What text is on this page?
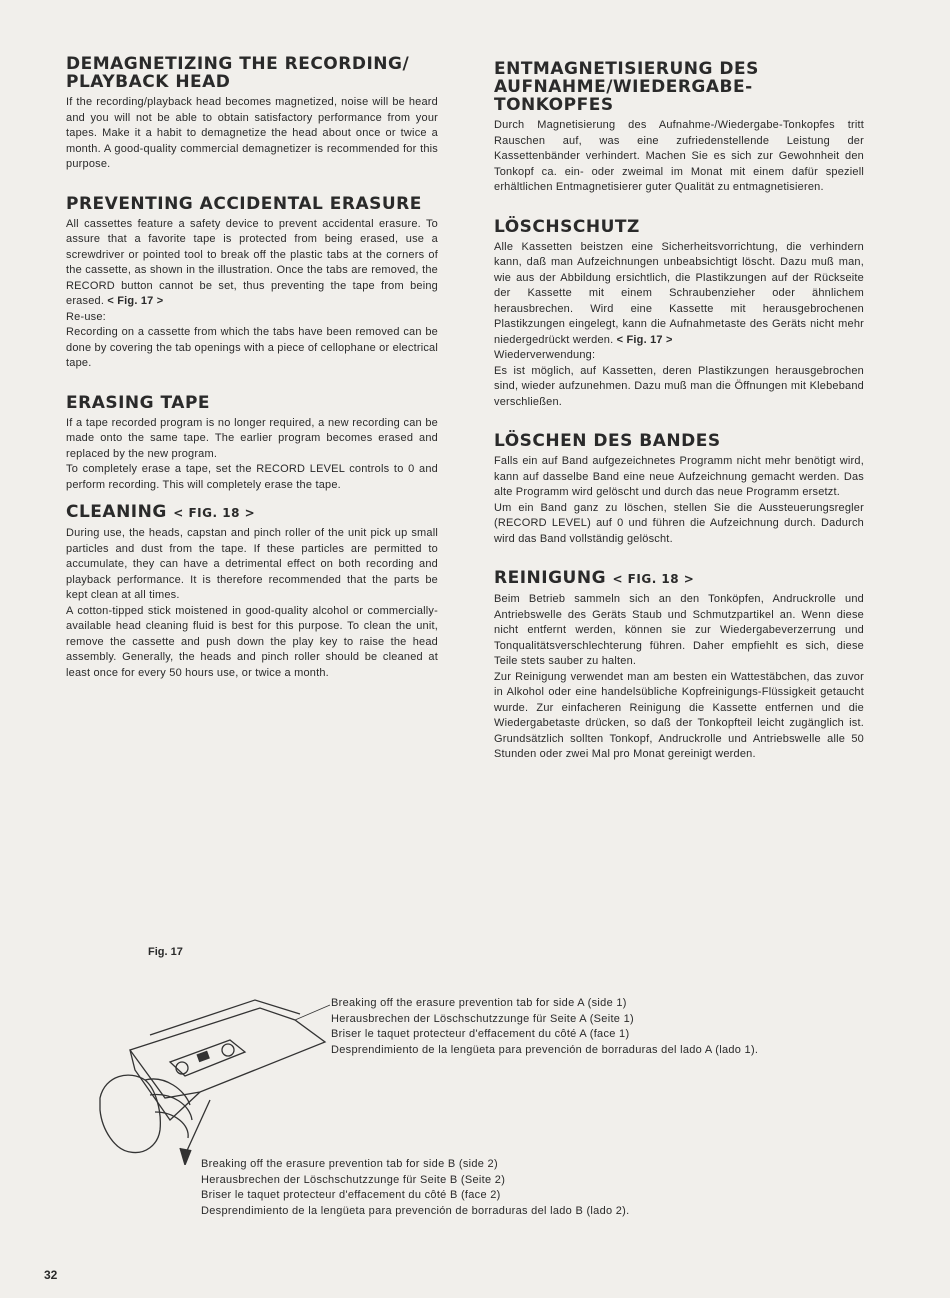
DEMAGNETIZING THE RECORDING/ PLAYBACK HEAD

If the recording/playback head becomes magnetized, noise will be heard and you will not be able to obtain satisfactory performance from your tapes. Make it a habit to demagnetize the head about once or twice a month. A good-quality commercial demagnetizer is recommended for this purpose.

PREVENTING ACCIDENTAL ERASURE

All cassettes feature a safety device to prevent accidental erasure. To assure that a favorite tape is protected from being erased, use a screwdriver or pointed tool to break off the plastic tabs at the corners of the cassette, as shown in the illustration. Once the tabs are removed, the RECORD button cannot be set, thus preventing the tape from being erased. < Fig. 17 >

Re-use:

Recording on a cassette from which the tabs have been removed can be done by covering the tab openings with a piece of cellophane or electrical tape.

ERASING TAPE

If a tape recorded program is no longer required, a new recording can be made onto the same tape. The earlier program becomes erased and replaced by the new program.

To completely erase a tape, set the RECORD LEVEL controls to 0 and perform recording. This will completely erase the tape.

CLEANING < FIG. 18 >

During use, the heads, capstan and pinch roller of the unit pick up small particles and dust from the tape. If these particles are permitted to accumulate, they can have a detrimental effect on both recording and playback performance. It is therefore recommended that the parts be kept clean at all times.

A cotton-tipped stick moistened in good-quality alcohol or commercially-available head cleaning fluid is best for this purpose. To clean the unit, remove the cassette and push down the play key to raise the head assembly. Generally, the heads and pinch roller should be cleaned at least once for every 50 hours use, or twice a month.

ENTMAGNETISIERUNG DES AUFNAHME/WIEDERGABE-TONKOPFES

Durch Magnetisierung des Aufnahme-/Wiedergabe-Tonkopfes tritt Rauschen auf, was eine zufriedenstellende Leistung der Kassettenbänder verhindert. Machen Sie es sich zur Gewohnheit den Tonkopf ca. ein- oder zweimal im Monat mit einem dafür speziell erhältlichen Entmagnetisierer guter Qualität zu entmagnetisieren.

LÖSCHSCHUTZ

Alle Kassetten beistzen eine Sicherheitsvorrichtung, die verhindern kann, daß man Aufzeichnungen unbeabsichtigt löscht. Dazu muß man, wie aus der Abbildung ersichtlich, die Plastikzungen auf der Rückseite der Kassette mit einem Schraubenzieher oder ähnlichem herausbrechen. Wird eine Kassette mit herausgebrochenen Plastikzungen eingelegt, kann die Aufnahmetaste des Geräts nicht mehr niedergedrückt werden. < Fig. 17 >

Wiederverwendung:

Es ist möglich, auf Kassetten, deren Plastikzungen herausgebrochen sind, wieder aufzunehmen. Dazu muß man die Öffnungen mit Klebeband verschließen.

LÖSCHEN DES BANDES

Falls ein auf Band aufgezeichnetes Programm nicht mehr benötigt wird, kann auf dasselbe Band eine neue Aufzeichnung gemacht werden. Das alte Programm wird gelöscht und durch das neue Programm ersetzt.

Um ein Band ganz zu löschen, stellen Sie die Aussteuerungsregler (RECORD LEVEL) auf 0 und führen die Aufzeichnung durch. Dadurch wird das Band vollständig gelöscht.

REINIGUNG < FIG. 18 >

Beim Betrieb sammeln sich an den Tonköpfen, Andruckrolle und Antriebswelle des Geräts Staub und Schmutzpartikel an. Wenn diese nicht entfernt werden, können sie zur Wiedergabeverzerrung und Tonqualitätsverschlechterung führen. Daher empfiehlt es sich, diese Teile stets sauber zu halten.

Zur Reinigung verwendet man am besten ein Wattestäbchen, das zuvor in Alkohol oder eine handelsübliche Kopfreinigungs-Flüssigkeit getaucht wurde. Zur einfacheren Reinigung die Kassette entfernen und die Wiedergabetaste drücken, so daß der Tonkopfteil leicht zugänglich ist. Grundsätzlich sollten Tonkopf, Andruckrolle und Antriebswelle alle 50 Stunden oder zwei Mal pro Monat gereinigt werden.

Fig. 17
Breaking off the erasure prevention tab for side A (side 1)
Herausbrechen der Löschschutzzunge für Seite A (Seite 1)
Briser le taquet protecteur d'effacement du côté A (face 1)
Desprendimiento de la lengüeta para prevención de borraduras del lado A (lado 1).
Breaking off the erasure prevention tab for side B (side 2)
Herausbrechen der Löschschutzzunge für Seite B (Seite 2)
Briser le taquet protecteur d'effacement du côté B (face 2)
Desprendimiento de la lengüeta para prevención de borraduras del lado B (lado 2).
32
